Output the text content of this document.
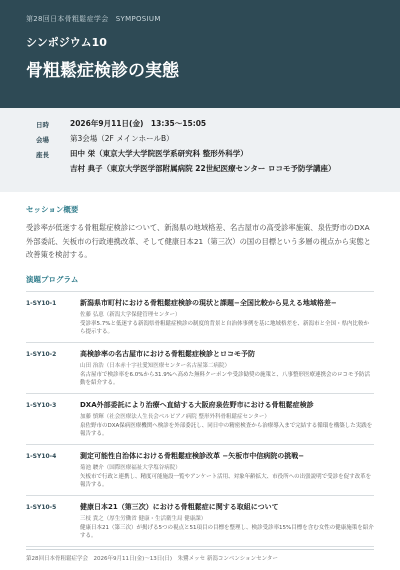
第28回日本骨粗鬆症学会　SYMPOSIUM
シンポジウム10
骨粗鬆症検診の実態
日時	2026年9月11日(金)　13:35～15:05
会場	第3会場（2F メインホールB）
座長	田中 栄（東京大学大学院医学系研究科 整形外科学）
吉村 典子（東京大学医学部附属病院 22世紀医療センター ロコモ予防学講座）
セッション概要
受診率が低迷する骨粗鬆症検診について、新潟県の地域格差、名古屋市の高受診率施策、泉佐野市のDXA外部委託、矢板市の行政連携改革、そして健康日本21（第三次）の国の目標という多層の視点から実態と改善策を検討する。
演題プログラム
1-SY10-1	新潟県市町村における骨粗鬆症検診の現状と課題−全国比較から見える地域格差−
佐藤 弘恵（新潟大学保健管理センター）
受診率5.7%と低迷する新潟県骨粗鬆症検診の制度的背景と自治体事例を基に地域格差を、新潟市と全国・県内比較から提示する。
1-SY10-2	高検診率の名古屋市における骨粗鬆症検診とロコモ予防
山田 治浩（日本赤十字社愛知医療センター名古屋第二病院）
名古屋市で検診率を6.0%から31.9%へ高めた無料クーポンや受診勧奨の施策と、八事整形医療連携会のロコモ予防活動を紹介する。
1-SY10-3	DXA外部委託により治療へ直結する大阪府泉佐野市における骨粗鬆症検診
加藤 慎輝（社会医療法人生長会ベルピアノ病院 整形外科骨粗鬆症センター）
泉佐野市のDXA保病医療機関へ検診を外部委託し、同日中の精密検査から治療導入まで完結する循環を構築した実践を報告する。
1-SY10-4	測定可能性自治体における骨粗鬆症検診改革 −矢板市中信病院の挑戦−
菊池 駿介（国際医療福祉大学塩谷病院）
矢板市で行政と連携し、精度可能施設一覧やアンケート活用、対象年齢拡大、市役所への出張説明で受診を促す改革を報告する。
1-SY10-5	健康日本21（第三次）における骨粗鬆症に関する取組について
三枝 貴之（厚生労働省 健康・生活衛生局 健康課）
健康日本21（第三次）が掲げる5つの視点と51項目の目標を整理し、検診受診率15%目標を含む女性の健康施策を紹介する。
第28回日本骨粗鬆症学会　2026年9月11日(金)～13日(日)　朱鷺メッセ 新潟コンベンションセンター
